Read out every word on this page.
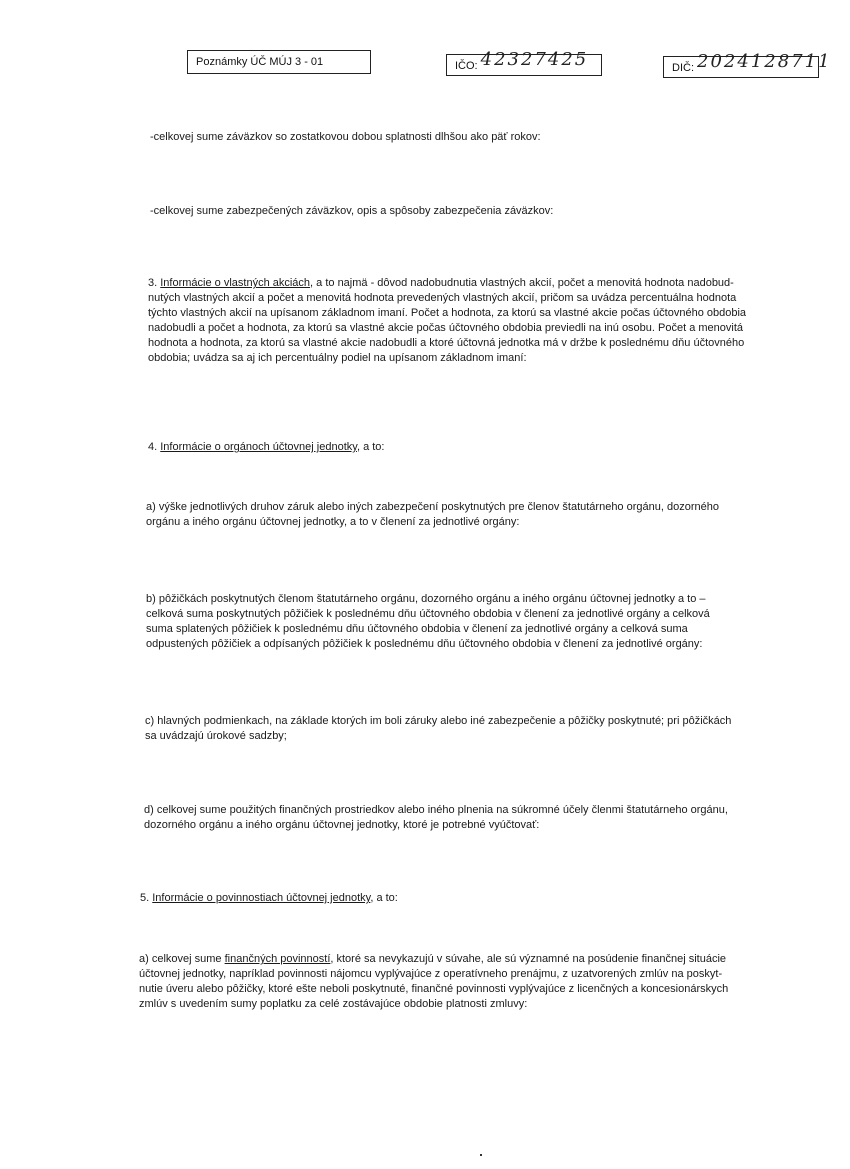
Poznámky ÚČ MÚJ 3 - 01	IČO: 42327425	DIČ: 2024128711

-celkovej sume záväzkov so zostatkovou dobou splatnosti dlhšou ako päť rokov:

-celkovej sume zabezpečených záväzkov, opis a spôsoby zabezpečenia záväzkov:

3. Informácie o vlastných akciách, a to najmä - dôvod nadobudnutia vlastných akcií, počet a menovitá hodnota nadobud-

nutých vlastných akcií a počet a menovitá hodnota prevedených vlastných akcií, pričom sa uvádza percentuálna hodnota

týchto vlastných akcií na upísanom základnom imaní. Počet a hodnota, za ktorú sa vlastné akcie počas účtovného obdobia

nadobudli a počet a hodnota, za ktorú sa vlastné akcie počas účtovného obdobia previedli na inú osobu. Počet a menovitá

hodnota a hodnota, za ktorú sa vlastné akcie nadobudli a ktoré účtovná jednotka má v držbe k poslednému dňu účtovného

obdobia; uvádza sa aj ich percentuálny podiel na upísanom základnom imaní:

4. Informácie o orgánoch účtovnej jednotky, a to:

a) výške jednotlivých druhov záruk alebo iných zabezpečení poskytnutých pre členov štatutárneho orgánu, dozorného

orgánu a iného orgánu účtovnej jednotky, a to v členení za jednotlivé orgány:

b) pôžičkách poskytnutých členom štatutárneho orgánu, dozorného orgánu a iného orgánu účtovnej jednotky a to –

celková suma poskytnutých pôžičiek k poslednému dňu účtovného obdobia v členení za jednotlivé orgány a celková

suma splatených pôžičiek k poslednému dňu účtovného obdobia v členení za jednotlivé orgány a celková suma

odpustených pôžičiek a odpísaných pôžičiek k poslednému dňu účtovného obdobia v členení za jednotlivé orgány:

c) hlavných podmienkach, na základe ktorých im boli záruky alebo iné zabezpečenie a pôžičky poskytnuté; pri pôžičkách

sa uvádzajú úrokové sadzby;

d) celkovej sume použitých finančných prostriedkov alebo iného plnenia na súkromné účely členmi štatutárneho orgánu,

dozorného orgánu a iného orgánu účtovnej jednotky, ktoré je potrebné vyúčtovať:

5. Informácie o povinnostiach účtovnej jednotky, a to:

a) celkovej sume finančných povinností, ktoré sa nevykazujú v súvahe, ale sú významné na posúdenie finančnej situácie

účtovnej jednotky, napríklad povinnosti nájomcu vyplývajúce z operatívneho prenájmu, z uzatvorených zmlúv na poskyt-

nutie úveru alebo pôžičky, ktoré ešte neboli poskytnuté, finančné povinnosti vyplývajúce z licenčných a koncesionárskych

zmlúv s uvedením sumy poplatku za celé zostávajúce obdobie platnosti zmluvy:
